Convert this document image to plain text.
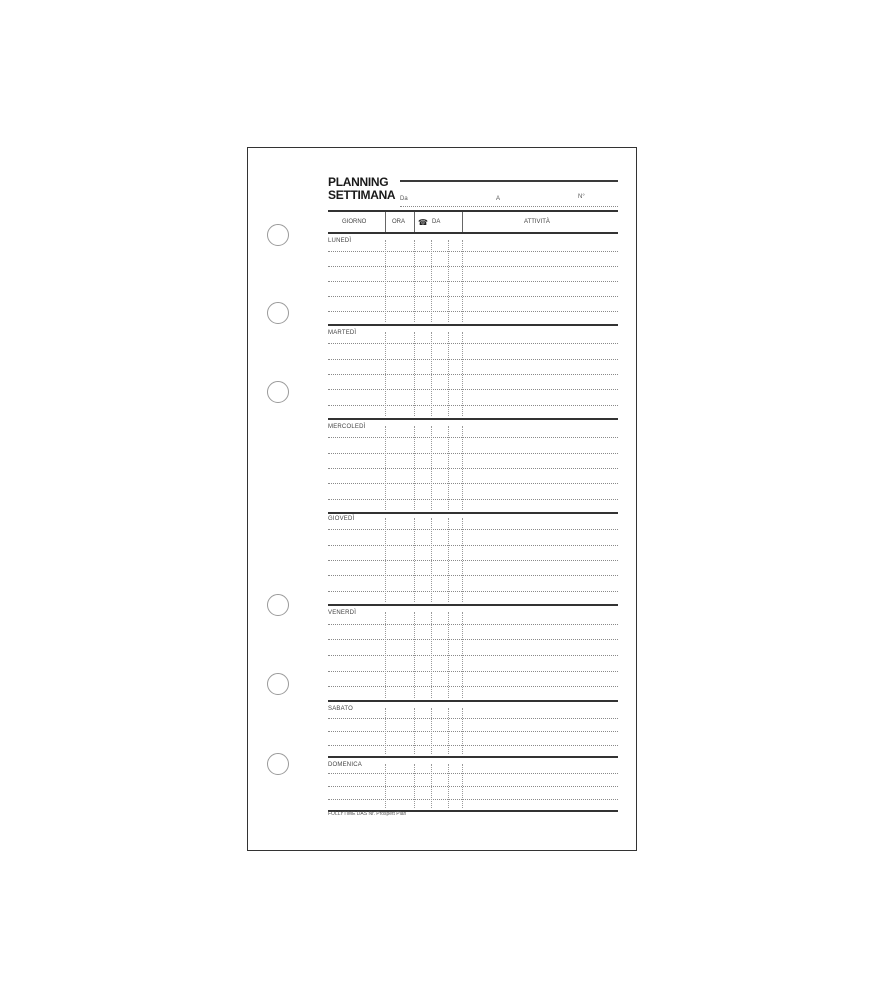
PLANNING
SETTIMANA Da	A	N°
GIORNO	ORA ☎ DA	ATTIVITÀ
LUNEDÌ
MARTEDÌ
MERCOLEDÌ
GIOVEDÌ
VENERDÌ
SABATO
DOMENICA
FOLLYTIME DAS Nr. Prospett Plan
